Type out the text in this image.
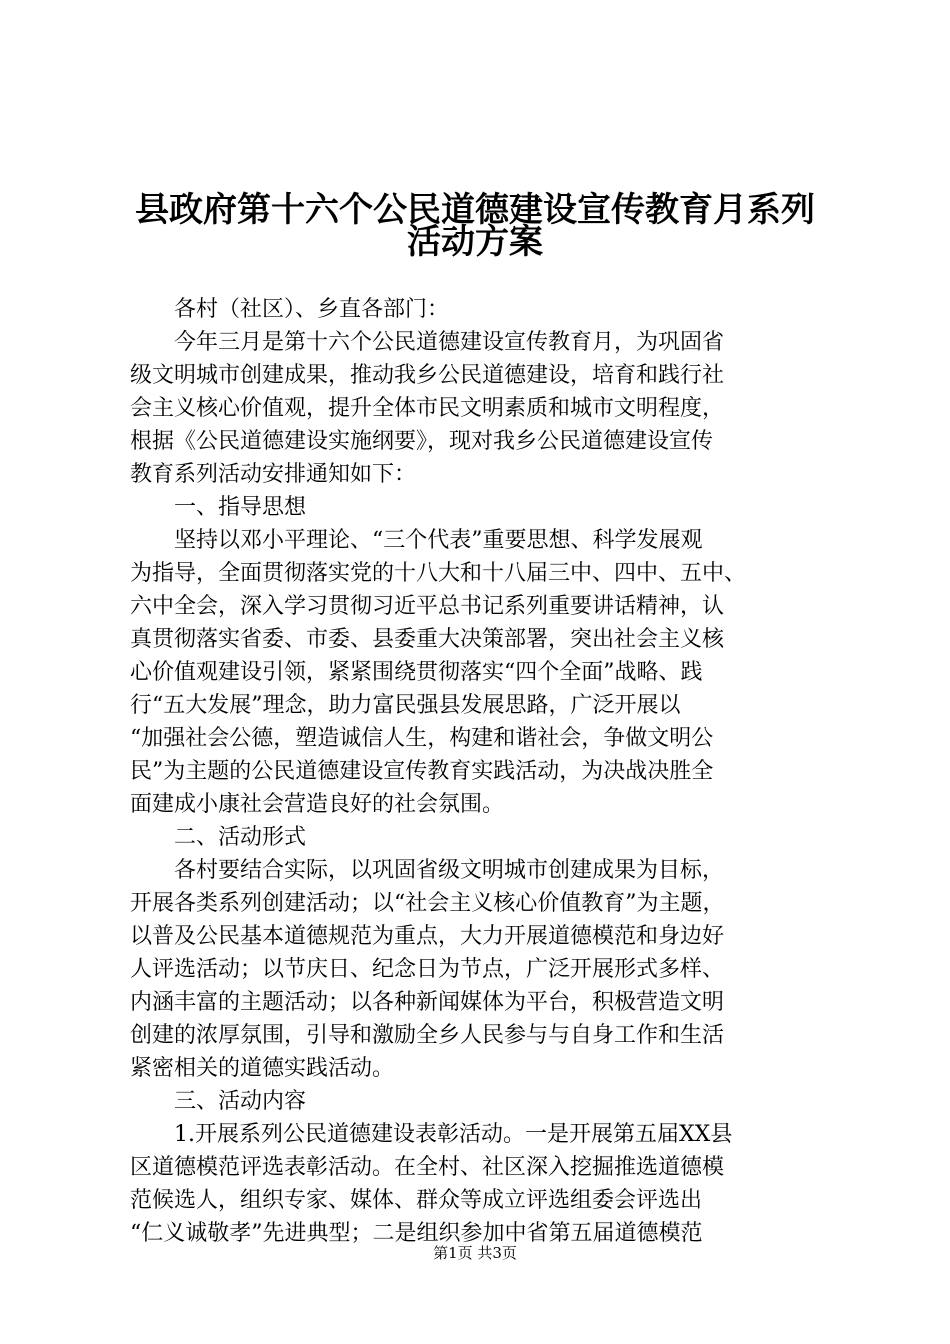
县政府第十六个公民道德建设宣传教育月系列
活动方案
　　各村（社区）、乡直各部门：
　　今年三月是第十六个公民道德建设宣传教育月，为巩固省
级文明城市创建成果，推动我乡公民道德建设，培育和践行社
会主义核心价值观，提升全体市民文明素质和城市文明程度，
根据《公民道德建设实施纲要》，现对我乡公民道德建设宣传
教育系列活动安排通知如下：
　　一、指导思想
　　坚持以邓小平理论、“三个代表”重要思想、科学发展观
为指导，全面贯彻落实党的十八大和十八届三中、四中、五中、
六中全会，深入学习贯彻习近平总书记系列重要讲话精神，认
真贯彻落实省委、市委、县委重大决策部署，突出社会主义核
心价值观建设引领，紧紧围绕贯彻落实“四个全面”战略、践
行“五大发展”理念，助力富民强县发展思路，广泛开展以
“加强社会公德，塑造诚信人生，构建和谐社会，争做文明公
民”为主题的公民道德建设宣传教育实践活动，为决战决胜全
面建成小康社会营造良好的社会氛围。
　　二、活动形式
　　各村要结合实际，以巩固省级文明城市创建成果为目标，
开展各类系列创建活动；以“社会主义核心价值教育”为主题，
以普及公民基本道德规范为重点，大力开展道德模范和身边好
人评选活动；以节庆日、纪念日为节点，广泛开展形式多样、
内涵丰富的主题活动；以各种新闻媒体为平台，积极营造文明
创建的浓厚氛围，引导和激励全乡人民参与与自身工作和生活
紧密相关的道德实践活动。
　　三、活动内容
　　1.开展系列公民道德建设表彰活动。一是开展第五届XX县
区道德模范评选表彰活动。在全村、社区深入挖掘推选道德模
范候选人，组织专家、媒体、群众等成立评选组委会评选出
“仁义诚敬孝”先进典型；二是组织参加中省第五届道德模范
第1页 共3页
